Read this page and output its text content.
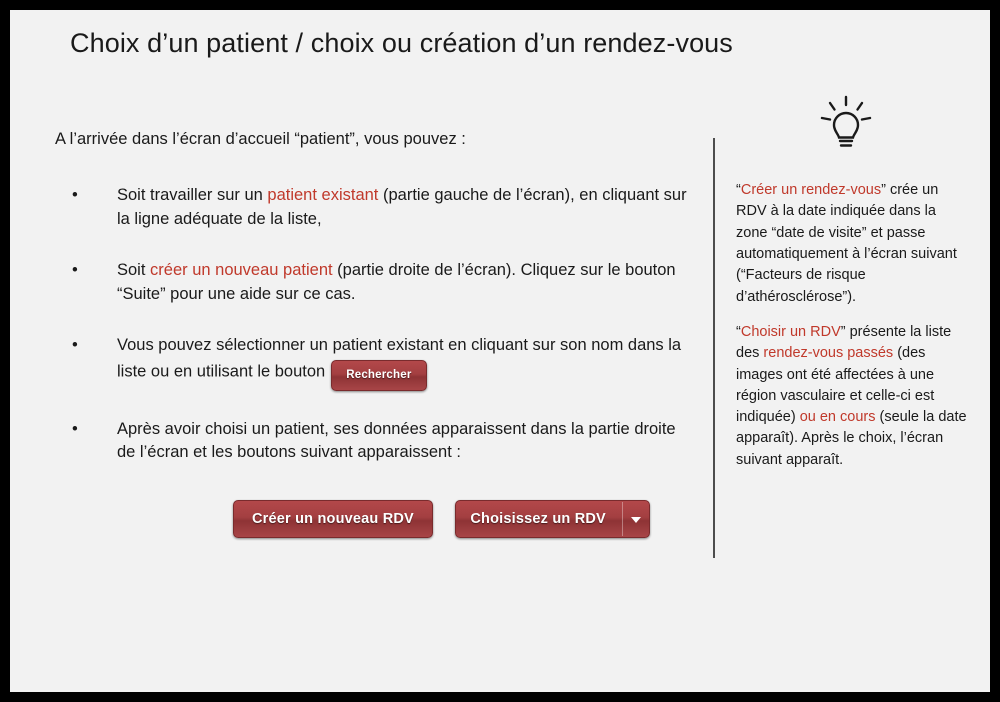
Choix d’un patient / choix ou création d’un rendez-vous

A l’arrivée dans l’écran d’accueil “patient”, vous pouvez :

• Soit travailler sur un patient existant (partie gauche de l’écran), en cliquant sur la ligne adéquate de la liste,
• Soit créer un nouveau patient (partie droite de l’écran). Cliquez sur le bouton “Suite” pour une aide sur ce cas.
• Vous pouvez sélectionner un patient existant en cliquant sur son nom dans la liste ou en utilisant le bouton Rechercher
• Après avoir choisi un patient, ses données apparaissent dans la partie droite de l’écran et les boutons suivant apparaissent :
Créer un nouveau RDV	Choisissez un RDV

“Créer un rendez-vous” crée un RDV à la date indiquée dans la zone “date de visite” et passe automatiquement à l’écran suivant (“Facteurs de risque d’athérosclérose”).

“Choisir un RDV” présente la liste des rendez-vous passés (des images ont été affectées à une région vasculaire et celle-ci est indiquée) ou en cours (seule la date apparaît). Après le choix, l’écran suivant apparaît.
